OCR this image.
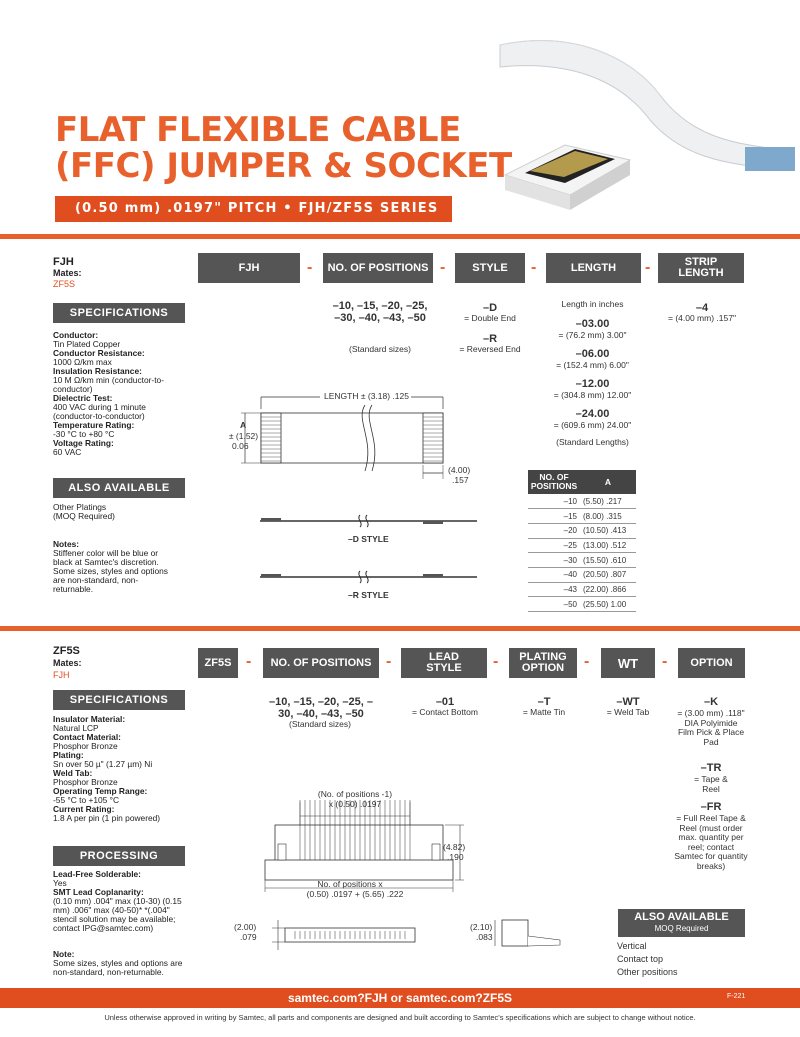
FLAT FLEXIBLE CABLE
(FFC) JUMPER & SOCKET
(0.50 mm) .0197" PITCH • FJH/ZF5S SERIES
FJH
Mates:
ZF5S
SPECIFICATIONS
Conductor:
Tin Plated Copper
Conductor Resistance:
1000 Ω/km max
Insulation Resistance:
10 M Ω/km min (conductor-to-conductor)
Dielectric Test:
400 VAC during 1 minute (conductor-to-conductor)
Temperature Rating:
-30 °C to +80 °C
Voltage Rating:
60 VAC
ALSO AVAILABLE
Other Platings
(MOQ Required)
Notes:
Stiffener color will be blue or black at Samtec's discretion. Some sizes, styles and options are non-standard, non-returnable.
FJH	-	NO. OF POSITIONS -	STYLE	-	LENGTH	-	STRIP LENGTH
–10, –15, –20, –25, –30, –40, –43, –50
(Standard sizes)
–D
= Double End
–R
= Reversed End
Length in inches
–03.00
= (76.2 mm) 3.00"
–06.00
= (152.4 mm) 6.00"
–12.00
= (304.8 mm) 12.00"
–24.00
= (609.6 mm) 24.00"
(Standard Lengths)
–4
= (4.00 mm) .157"
LENGTH ± (3.18) .125
A
± (1.52)
0.06
(4.00)
.157
–D STYLE
–R STYLE
NO. OF POSITIONS	A
–10	(5.50) .217
–15	(8.00) .315
–20	(10.50) .413
–25	(13.00) .512
–30	(15.50) .610
–40	(20.50) .807
–43	(22.00) .866
–50	(25.50) 1.00
ZF5S
Mates:
FJH
SPECIFICATIONS
Insulator Material:
Natural LCP
Contact Material:
Phosphor Bronze
Plating:
Sn over 50 µ" (1.27 µm) Ni
Weld Tab:
Phosphor Bronze
Operating Temp Range:
-55 °C to +105 °C
Current Rating:
1.8 A per pin (1 pin powered)
PROCESSING
Lead-Free Solderable:
Yes
SMT Lead Coplanarity:
(0.10 mm) .004" max (10-30) (0.15 mm) .006" max (40-50)* *(.004" stencil solution may be available; contact IPG@samtec.com)
Note:
Some sizes, styles and options are non-standard, non-returnable.
ZF5S -	NO. OF POSITIONS -	LEAD STYLE	-	PLATING OPTION	-	WT	-	OPTION
–10, –15, –20, –25, –30, –40, –43, –50
(Standard sizes)
–01
= Contact Bottom
–T
= Matte Tin
–WT
= Weld Tab
–K
= (3.00 mm) .118" DIA Polyimide Film Pick & Place Pad
–TR
= Tape & Reel
–FR
= Full Reel Tape & Reel (must order max. quantity per reel; contact Samtec for quantity breaks)
(No. of positions -1)
x (0.50) .0197
(4.82)
.190
No. of positions x
(0.50) .0197 + (5.65) .222
(2.00)
.079
(2.10)
.083
ALSO AVAILABLE
MOQ Required
Vertical
Contact top
Other positions
samtec.com?FJH or samtec.com?ZF5S	F-221
Unless otherwise approved in writing by Samtec, all parts and components are designed and built according to Samtec's specifications which are subject to change without notice.
